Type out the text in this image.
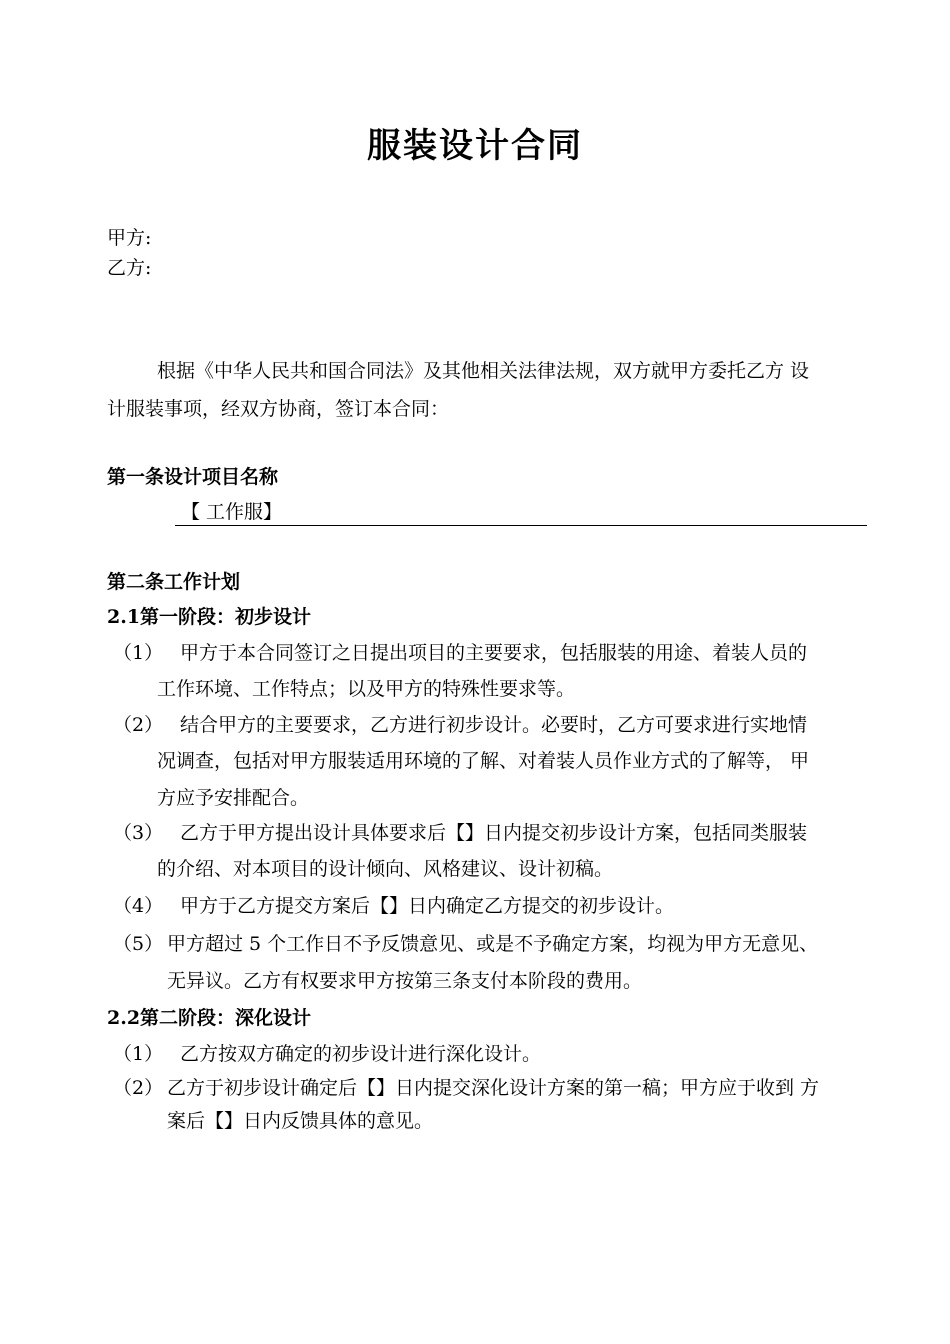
服装设计合同
甲方:
乙方:
根据《中华人民共和国合同法》及其他相关法律法规，双方就甲方委托乙方 设
计服装事项，经双方协商，签订本合同：
第一条设计项目名称
【 工作服】
第二条工作计划
2.1第一阶段：初步设计
（1） 甲方于本合同签订之日提出项目的主要要求，包括服装的用途、着装人员的
工作环境、工作特点；以及甲方的特殊性要求等。
（2） 结合甲方的主要要求，乙方进行初步设计。必要时，乙方可要求进行实地情
况调查，包括对甲方服装适用环境的了解、对着装人员作业方式的了解等， 甲
方应予安排配合。
（3） 乙方于甲方提出设计具体要求后【】日内提交初步设计方案，包括同类服装
的介绍、对本项目的设计倾向、风格建议、设计初稿。
（4） 甲方于乙方提交方案后【】日内确定乙方提交的初步设计。
（5） 甲方超过 5 个工作日不予反馈意见、或是不予确定方案，均视为甲方无意见、
无异议。乙方有权要求甲方按第三条支付本阶段的费用。
2.2第二阶段：深化设计
（1） 乙方按双方确定的初步设计进行深化设计。
（2） 乙方于初步设计确定后【】日内提交深化设计方案的第一稿；甲方应于收到 方
案后【】日内反馈具体的意见。
